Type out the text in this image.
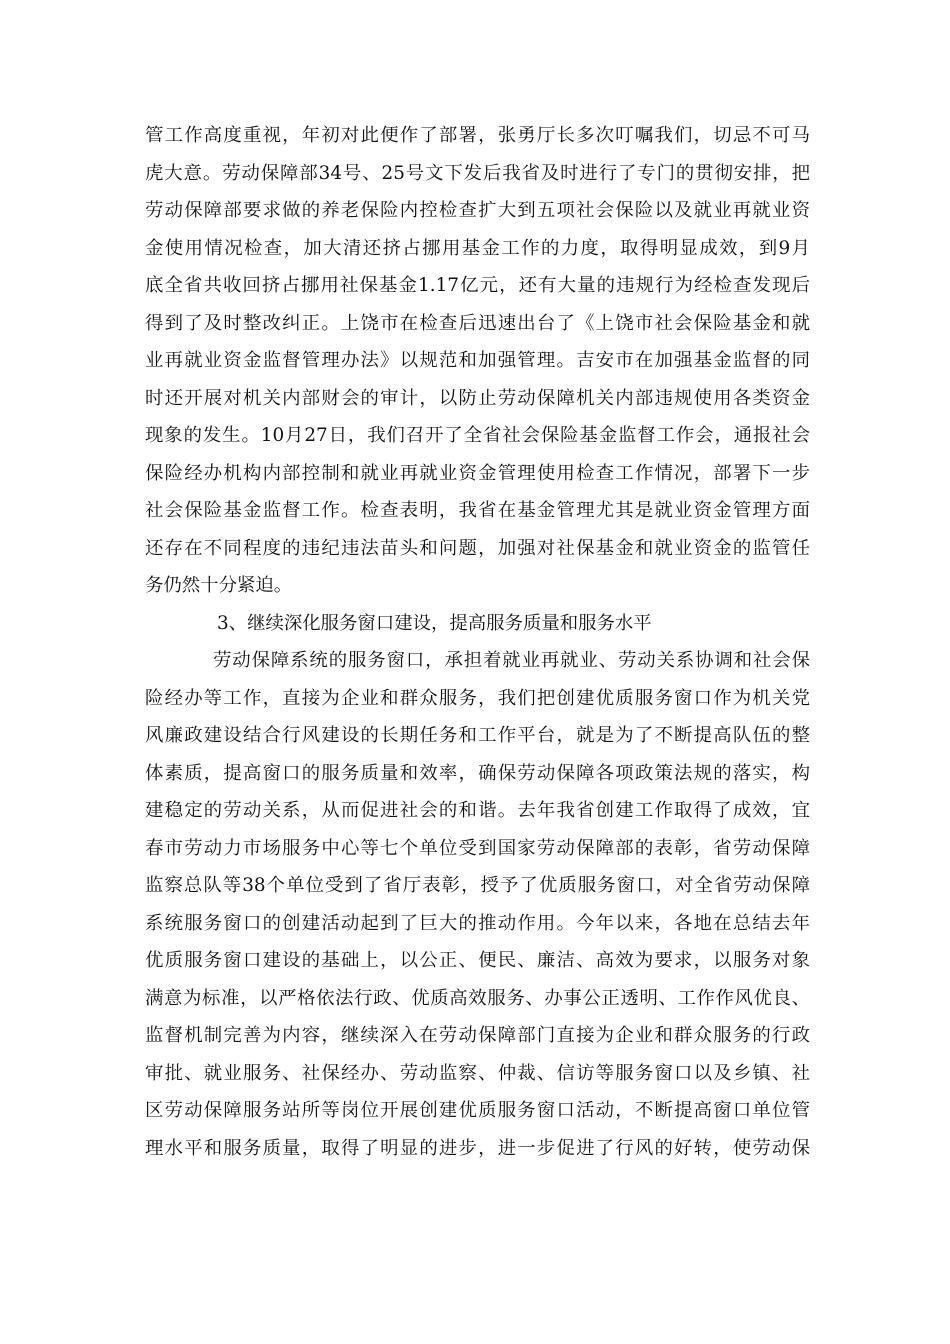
管工作高度重视，年初对此便作了部署，张勇厅长多次叮嘱我们，切忌不可马
虎大意。劳动保障部34号、25号文下发后我省及时进行了专门的贯彻安排，把
劳动保障部要求做的养老保险内控检查扩大到五项社会保险以及就业再就业资
金使用情况检查，加大清还挤占挪用基金工作的力度，取得明显成效，到9月
底全省共收回挤占挪用社保基金1.17亿元，还有大量的违规行为经检查发现后
得到了及时整改纠正。上饶市在检查后迅速出台了《上饶市社会保险基金和就
业再就业资金监督管理办法》以规范和加强管理。吉安市在加强基金监督的同
时还开展对机关内部财会的审计，以防止劳动保障机关内部违规使用各类资金
现象的发生。10月27日，我们召开了全省社会保险基金监督工作会，通报社会
保险经办机构内部控制和就业再就业资金管理使用检查工作情况，部署下一步
社会保险基金监督工作。检查表明，我省在基金管理尤其是就业资金管理方面
还存在不同程度的违纪违法苗头和问题，加强对社保基金和就业资金的监管任
务仍然十分紧迫。
3、继续深化服务窗口建设，提高服务质量和服务水平
劳动保障系统的服务窗口，承担着就业再就业、劳动关系协调和社会保
险经办等工作，直接为企业和群众服务，我们把创建优质服务窗口作为机关党
风廉政建设结合行风建设的长期任务和工作平台，就是为了不断提高队伍的整
体素质，提高窗口的服务质量和效率，确保劳动保障各项政策法规的落实，构
建稳定的劳动关系，从而促进社会的和谐。去年我省创建工作取得了成效，宜
春市劳动力市场服务中心等七个单位受到国家劳动保障部的表彰，省劳动保障
监察总队等38个单位受到了省厅表彰，授予了优质服务窗口，对全省劳动保障
系统服务窗口的创建活动起到了巨大的推动作用。今年以来，各地在总结去年
优质服务窗口建设的基础上，以公正、便民、廉洁、高效为要求，以服务对象
满意为标准，以严格依法行政、优质高效服务、办事公正透明、工作作风优良、
监督机制完善为内容，继续深入在劳动保障部门直接为企业和群众服务的行政
审批、就业服务、社保经办、劳动监察、仲裁、信访等服务窗口以及乡镇、社
区劳动保障服务站所等岗位开展创建优质服务窗口活动，不断提高窗口单位管
理水平和服务质量，取得了明显的进步，进一步促进了行风的好转，使劳动保
